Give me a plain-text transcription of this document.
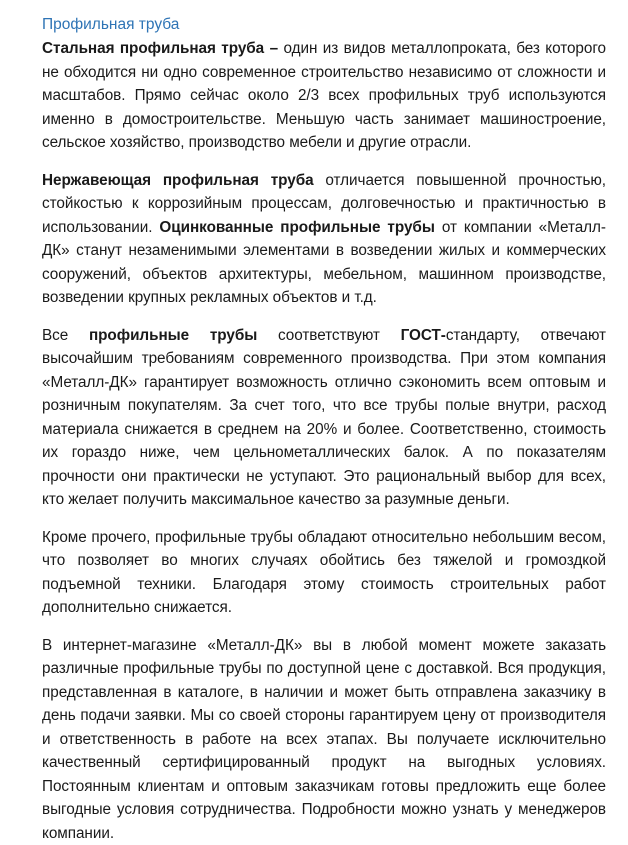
Профильная труба

Стальная профильная труба – один из видов металлопроката, без которого не обходится ни одно современное строительство независимо от сложности и масштабов. Прямо сейчас около 2/3 всех профильных труб используются именно в домостроительстве. Меньшую часть занимает машиностроение, сельское хозяйство, производство мебели и другие отрасли.

Нержавеющая профильная труба отличается повышенной прочностью, стойкостью к коррозийным процессам, долговечностью и практичностью в использовании. Оцинкованные профильные трубы от компании «Металл-ДК» станут незаменимыми элементами в возведении жилых и коммерческих сооружений, объектов архитектуры, мебельном, машинном производстве, возведении крупных рекламных объектов и т.д.

Все профильные трубы соответствуют ГОСТ-стандарту, отвечают высочайшим требованиям современного производства. При этом компания «Металл-ДК» гарантирует возможность отлично сэкономить всем оптовым и розничным покупателям. За счет того, что все трубы полые внутри, расход материала снижается в среднем на 20% и более. Соответственно, стоимость их гораздо ниже, чем цельнометаллических балок. А по показателям прочности они практически не уступают. Это рациональный выбор для всех, кто желает получить максимальное качество за разумные деньги.

Кроме прочего, профильные трубы обладают относительно небольшим весом, что позволяет во многих случаях обойтись без тяжелой и громоздкой подъемной техники. Благодаря этому стоимость строительных работ дополнительно снижается.

В интернет-магазине «Металл-ДК» вы в любой момент можете заказать различные профильные трубы по доступной цене с доставкой. Вся продукция, представленная в каталоге, в наличии и может быть отправлена заказчику в день подачи заявки. Мы со своей стороны гарантируем цену от производителя и ответственность в работе на всех этапах. Вы получаете исключительно качественный сертифицированный продукт на выгодных условиях. Постоянным клиентам и оптовым заказчикам готовы предложить еще более выгодные условия сотрудничества. Подробности можно узнать у менеджеров компании.
